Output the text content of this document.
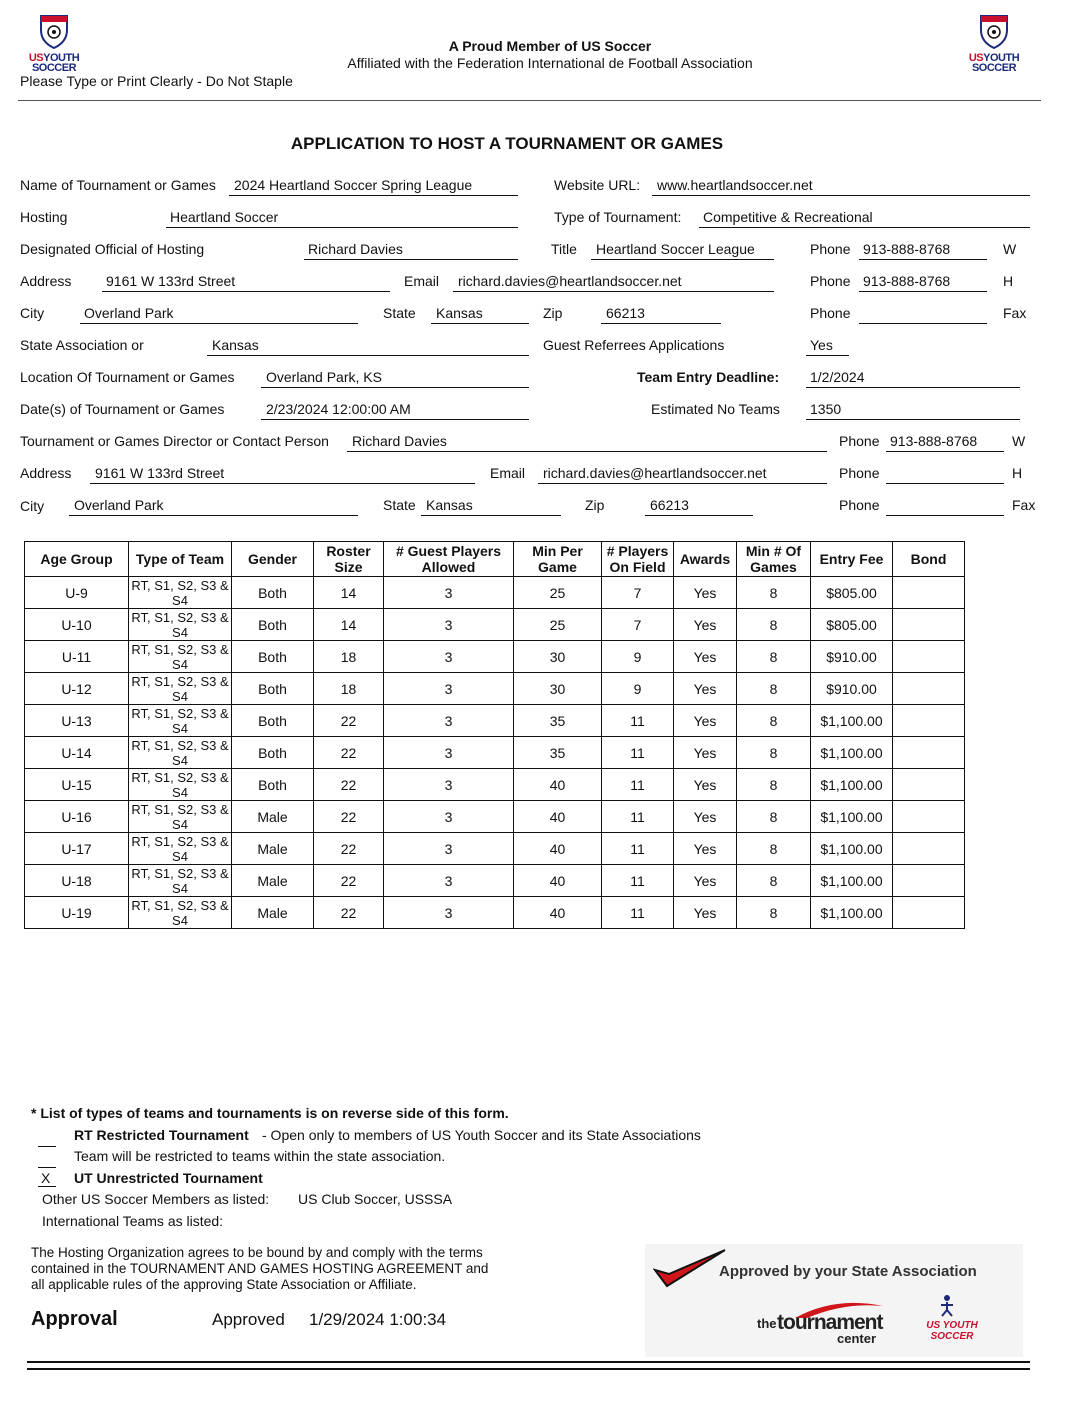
USYOUTH
SOCCER
USYOUTH
SOCCER
A Proud Member of US Soccer
Affiliated with the Federation International de Football Association
Please Type or Print Clearly - Do Not Staple
APPLICATION TO HOST A TOURNAMENT OR GAMES
Name of Tournament or Games 2024 Heartland Soccer Spring League	Website URL: www.heartlandsoccer.net
Hosting	Heartland Soccer	Type of Tournament: Competitive & Recreational
Designated Official of Hosting	Richard Davies	Title Heartland Soccer League	Phone 913-888-8768	W
Address 9161 W 133rd Street	Email richard.davies@heartlandsoccer.net	Phone 913-888-8768	H
City	Overland Park	State Kansas	Zip	66213	Phone	Fax
State Association or	Kansas	Guest Referrees Applications	Yes
Location Of Tournament or Games Overland Park, KS	Team Entry Deadline: 1/2/2024
Date(s) of Tournament or Games	2/23/2024 12:00:00 AM	Estimated No Teams 1350
Tournament or Games Director or Contact Person Richard Davies	Phone 913-888-8768 W
Address 9161 W 133rd Street	Email richard.davies@heartlandsoccer.net	Phone	H
City Overland Park	State Kansas	Zip	66213	Phone	Fax
Age Group	Type of Team	Gender	Roster Size	# Guest Players Allowed	Min Per Game	# Players On Field	Awards	Min # Of Games	Entry Fee	Bond
U-9	RT, S1, S2, S3 & S4	Both	14	3	25	7	Yes	8	$805.00	
U-10	RT, S1, S2, S3 & S4	Both	14	3	25	7	Yes	8	$805.00	
U-11	RT, S1, S2, S3 & S4	Both	18	3	30	9	Yes	8	$910.00	
U-12	RT, S1, S2, S3 & S4	Both	18	3	30	9	Yes	8	$910.00	
U-13	RT, S1, S2, S3 & S4	Both	22	3	35	11	Yes	8	$1,100.00	
U-14	RT, S1, S2, S3 & S4	Both	22	3	35	11	Yes	8	$1,100.00	
U-15	RT, S1, S2, S3 & S4	Both	22	3	40	11	Yes	8	$1,100.00	
U-16	RT, S1, S2, S3 & S4	Male	22	3	40	11	Yes	8	$1,100.00	
U-17	RT, S1, S2, S3 & S4	Male	22	3	40	11	Yes	8	$1,100.00	
U-18	RT, S1, S2, S3 & S4	Male	22	3	40	11	Yes	8	$1,100.00	
U-19	RT, S1, S2, S3 & S4	Male	22	3	40	11	Yes	8	$1,100.00	
* List of types of teams and tournaments is on reverse side of this form.
RT Restricted Tournament - Open only to members of US Youth Soccer and its State Associations
Team will be restricted to teams within the state association.
X UT Unrestricted Tournament
Other US Soccer Members as listed: US Club Soccer, USSSA
International Teams as listed:
The Hosting Organization agrees to be bound by and comply with the terms
contained in the TOURNAMENT AND GAMES HOSTING AGREEMENT and
all applicable rules of the approving State Association or Affiliate.
Approval	Approved 1/29/2024 1:00:34
Approved by your State Association
the tournament
center
US YOUTH SOCCER
